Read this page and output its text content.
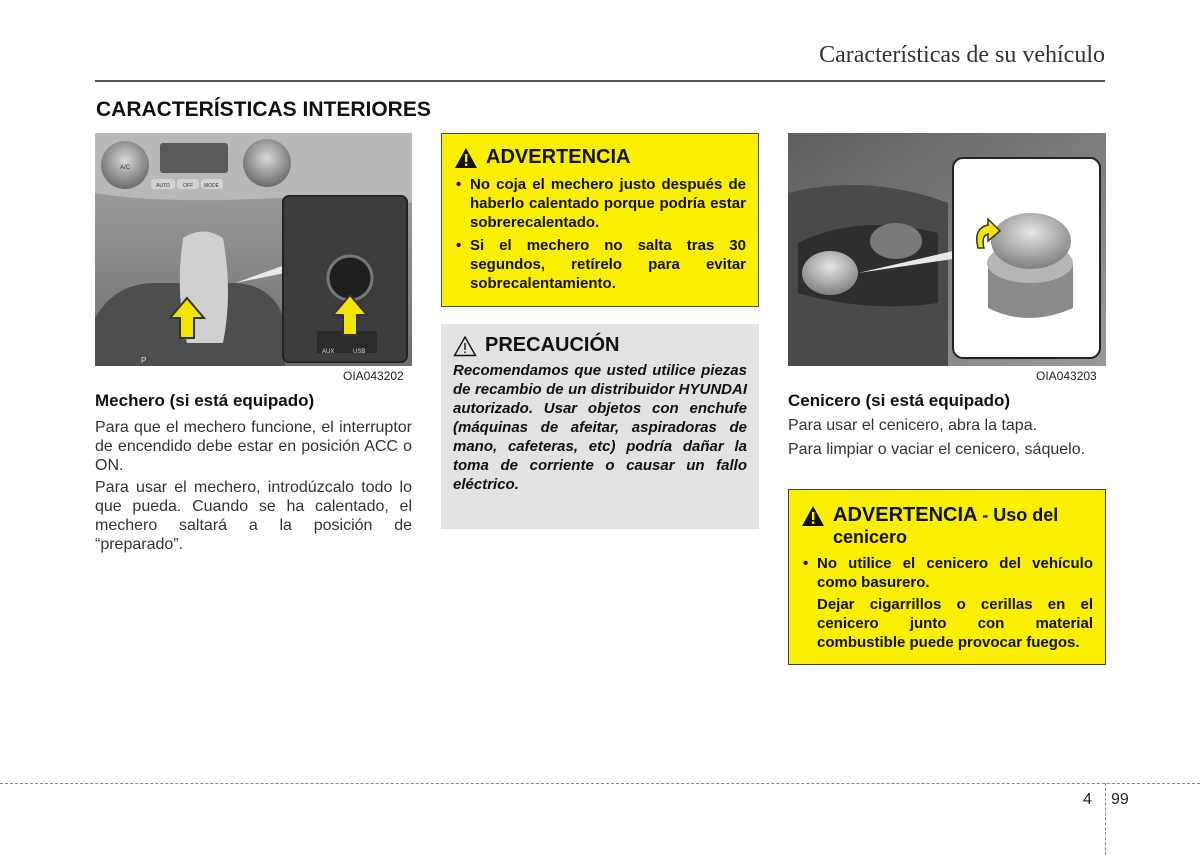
Características de su vehículo
CARACTERÍSTICAS INTERIORES
A/C
AUTO	OFF MODE
P
AUX	USB
OIA043202
Mechero (si está equipado)

Para que el mechero funcione, el interruptor de encendido debe estar en posición ACC o ON.

Para usar el mechero, introdúzcalo todo lo que pueda. Cuando se ha calentado, el mechero saltará a la posición de “preparado”.

ADVERTENCIA
• No coja el mechero justo después de haberlo calentado porque podría estar sobrerecalentado.
• Si el mechero no salta tras 30 segundos, retírelo para evitar sobrecalentamiento.
PRECAUCIÓN

Recomendamos que usted utilice piezas de recambio de un distribuidor HYUNDAI autorizado. Usar objetos con enchufe (máquinas de afeitar, aspiradoras de mano, cafeteras, etc) podría dañar la toma de corriente o causar un fallo eléctrico.

OIA043203
Cenicero (si está equipado)

Para usar el cenicero, abra la tapa.

Para limpiar o vaciar el cenicero, sáquelo.

ADVERTENCIA - Uso del cenicero
• No utilice el cenicero del vehículo como basurero.

Dejar cigarrillos o cerillas en el cenicero junto con material combustible puede provocar fuegos.

4 99
